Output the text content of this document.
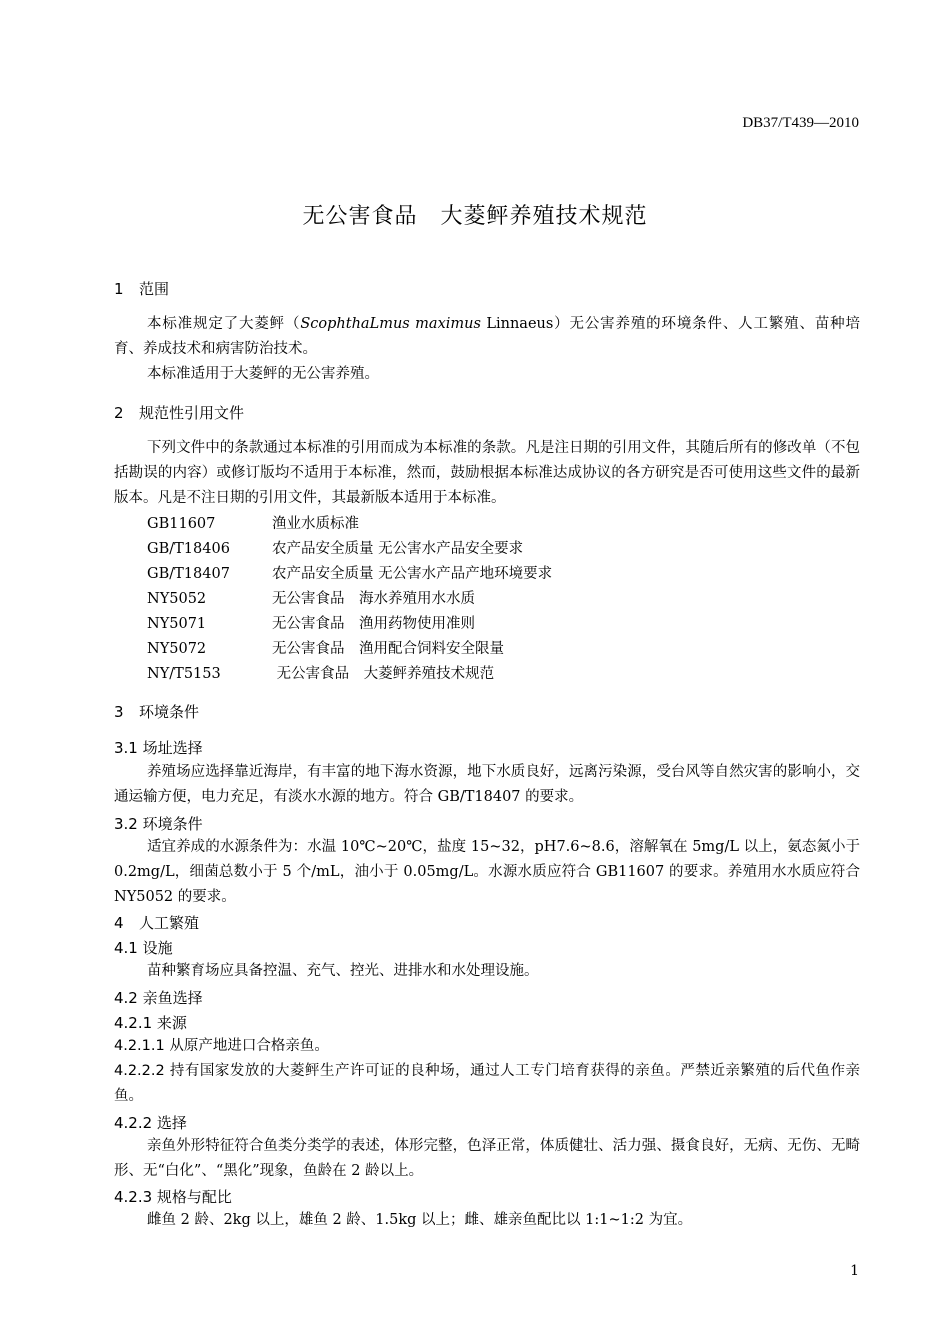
DB37/T439—2010
无公害食品　大菱鲆养殖技术规范
1 范围
本标准规定了大菱鲆（ScophthaLmus maximus Linnaeus）无公害养殖的环境条件、人工繁殖、苗种培育、养成技术和病害防治技术。
本标准适用于大菱鲆的无公害养殖。
2 规范性引用文件
下列文件中的条款通过本标准的引用而成为本标准的条款。凡是注日期的引用文件，其随后所有的修改单（不包括勘误的内容）或修订版均不适用于本标准，然而，鼓励根据本标准达成协议的各方研究是否可使用这些文件的最新版本。凡是不注日期的引用文件，其最新版本适用于本标准。
GB11607	渔业水质标准
GB/T18406	农产品安全质量 无公害水产品安全要求
GB/T18407	农产品安全质量 无公害水产品产地环境要求
NY5052	无公害食品　海水养殖用水水质
NY5071	无公害食品　渔用药物使用准则
NY5072	无公害食品　渔用配合饲料安全限量
NY/T5153	无公害食品　大菱鲆养殖技术规范
3 环境条件
3.1 场址选择
养殖场应选择靠近海岸，有丰富的地下海水资源，地下水质良好，远离污染源，受台风等自然灾害的影响小，交通运输方便，电力充足，有淡水水源的地方。符合 GB/T18407 的要求。
3.2 环境条件
适宜养成的水源条件为：水温 10℃~20℃，盐度 15~32，pH7.6~8.6，溶解氧在 5mg/L 以上，氨态氮小于 0.2mg/L，细菌总数小于 5 个/mL，油小于 0.05mg/L。水源水质应符合 GB11607 的要求。养殖用水水质应符合 NY5052 的要求。
4 人工繁殖
4.1 设施
苗种繁育场应具备控温、充气、控光、进排水和水处理设施。
4.2 亲鱼选择
4.2.1 来源
4.2.1.1 从原产地进口合格亲鱼。
4.2.2.2 持有国家发放的大菱鲆生产许可证的良种场，通过人工专门培育获得的亲鱼。严禁近亲繁殖的后代鱼作亲鱼。
4.2.2 选择
亲鱼外形特征符合鱼类分类学的表述，体形完整，色泽正常，体质健壮、活力强、摄食良好，无病、无伤、无畸形、无“白化”、“黑化”现象，鱼龄在 2 龄以上。
4.2.3 规格与配比
雌鱼 2 龄、2kg 以上，雄鱼 2 龄、1.5kg 以上；雌、雄亲鱼配比以 1:1~1:2 为宜。
1
